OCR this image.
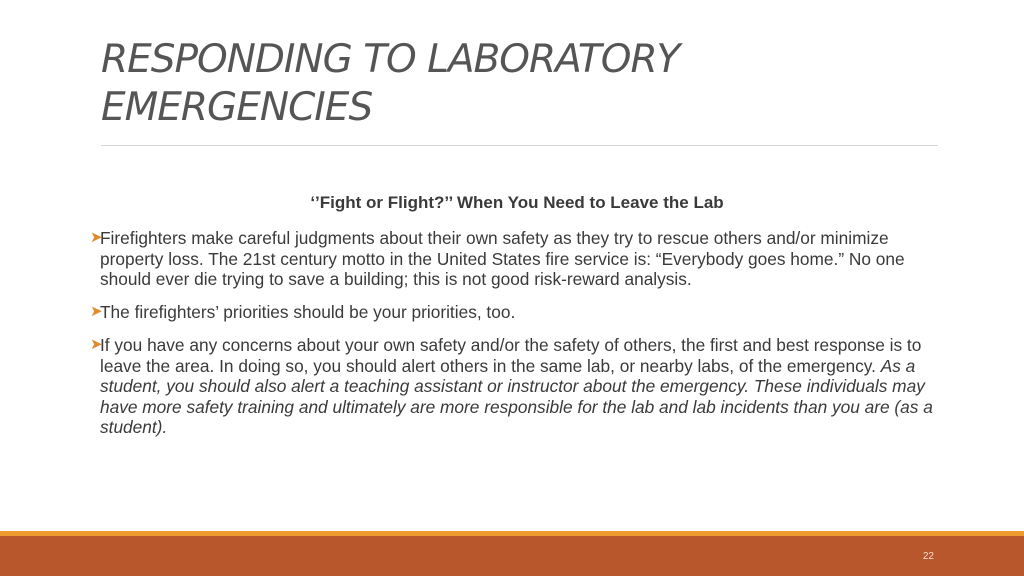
RESPONDING TO LABORATORY
EMERGENCIES
‘’Fight or Flight?’’ When You Need to Leave the Lab
➤
Firefighters make careful judgments about their own safety as they try to rescue others and/or minimize property loss. The 21st century motto in the United States fire service is: “Everybody goes home.” No one should ever die trying to save a building; this is not good risk-reward analysis.
➤
The firefighters’ priorities should be your priorities, too.
➤
If you have any concerns about your own safety and/or the safety of others, the first and best response is to leave the area. In doing so, you should alert others in the same lab, or nearby labs, of the emergency. As a student, you should also alert a teaching assistant or instructor about the emergency. These individuals may have more safety training and ultimately are more responsible for the lab and lab incidents than you are (as a student).
22
